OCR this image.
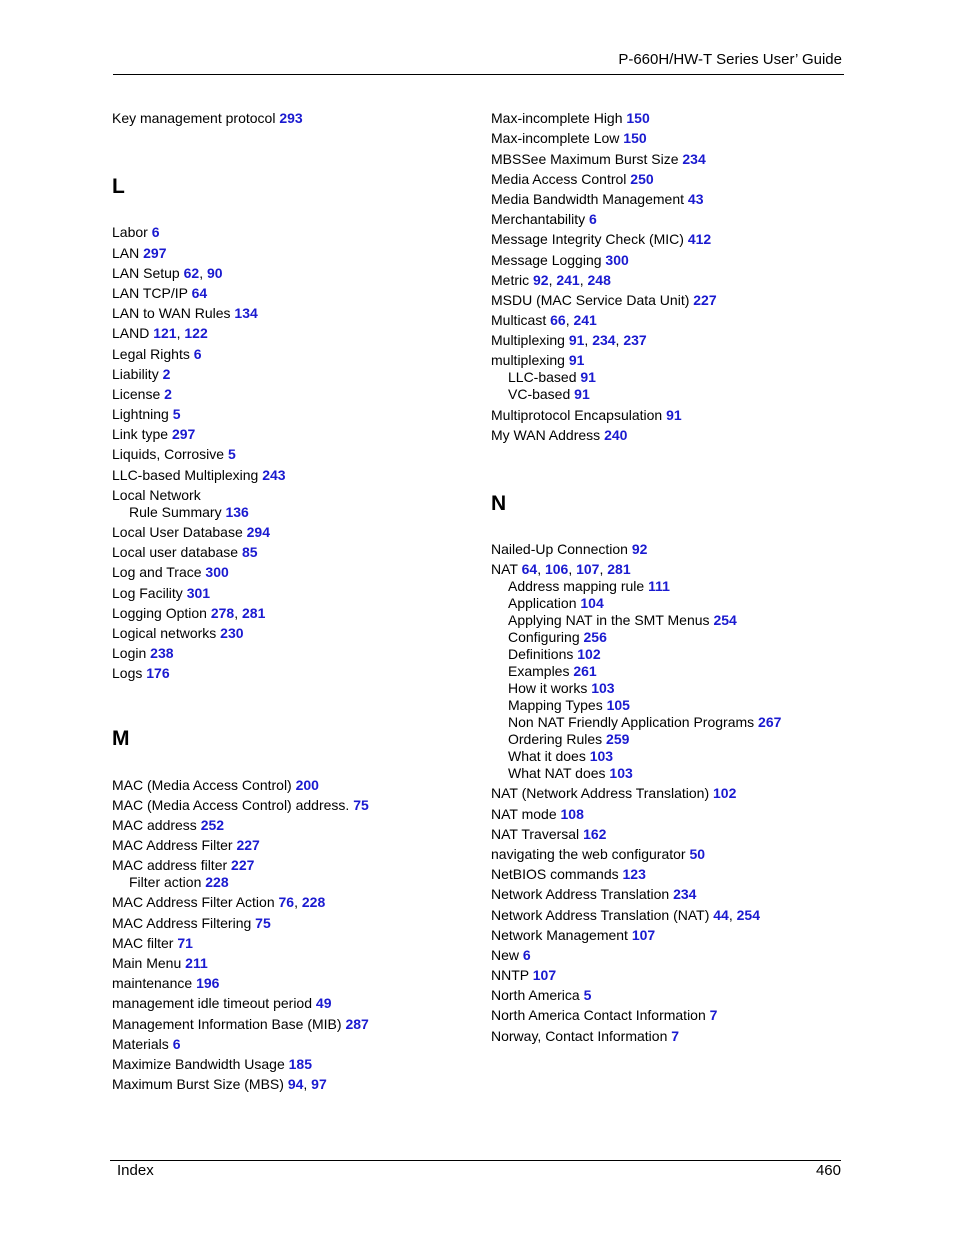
P-660H/HW-T Series User’ Guide
Key management protocol 293
L
Labor 6
LAN 297
LAN Setup 62, 90
LAN TCP/IP 64
LAN to WAN Rules 134
LAND 121, 122
Legal Rights 6
Liability 2
License 2
Lightning 5
Link type 297
Liquids, Corrosive 5
LLC-based Multiplexing 243
Local Network
Rule Summary 136
Local User Database 294
Local user database 85
Log and Trace 300
Log Facility 301
Logging Option 278, 281
Logical networks 230
Login 238
Logs 176
M
MAC (Media Access Control) 200
MAC (Media Access Control) address. 75
MAC address 252
MAC Address Filter 227
MAC address filter 227
Filter action 228
MAC Address Filter Action 76, 228
MAC Address Filtering 75
MAC filter 71
Main Menu 211
maintenance 196
management idle timeout period 49
Management Information Base (MIB) 287
Materials 6
Maximize Bandwidth Usage 185
Maximum Burst Size (MBS) 94, 97
Max-incomplete High 150
Max-incomplete Low 150
MBSSee Maximum Burst Size 234
Media Access Control 250
Media Bandwidth Management 43
Merchantability 6
Message Integrity Check (MIC) 412
Message Logging 300
Metric 92, 241, 248
MSDU (MAC Service Data Unit) 227
Multicast 66, 241
Multiplexing 91, 234, 237
multiplexing 91
LLC-based 91
VC-based 91
Multiprotocol Encapsulation 91
My WAN Address 240
N
Nailed-Up Connection 92
NAT 64, 106, 107, 281
Address mapping rule 111
Application 104
Applying NAT in the SMT Menus 254
Configuring 256
Definitions 102
Examples 261
How it works 103
Mapping Types 105
Non NAT Friendly Application Programs 267
Ordering Rules 259
What it does 103
What NAT does 103
NAT (Network Address Translation) 102
NAT mode 108
NAT Traversal 162
navigating the web configurator 50
NetBIOS commands 123
Network Address Translation 234
Network Address Translation (NAT) 44, 254
Network Management 107
New 6
NNTP 107
North America 5
North America Contact Information 7
Norway, Contact Information 7
Index	460
